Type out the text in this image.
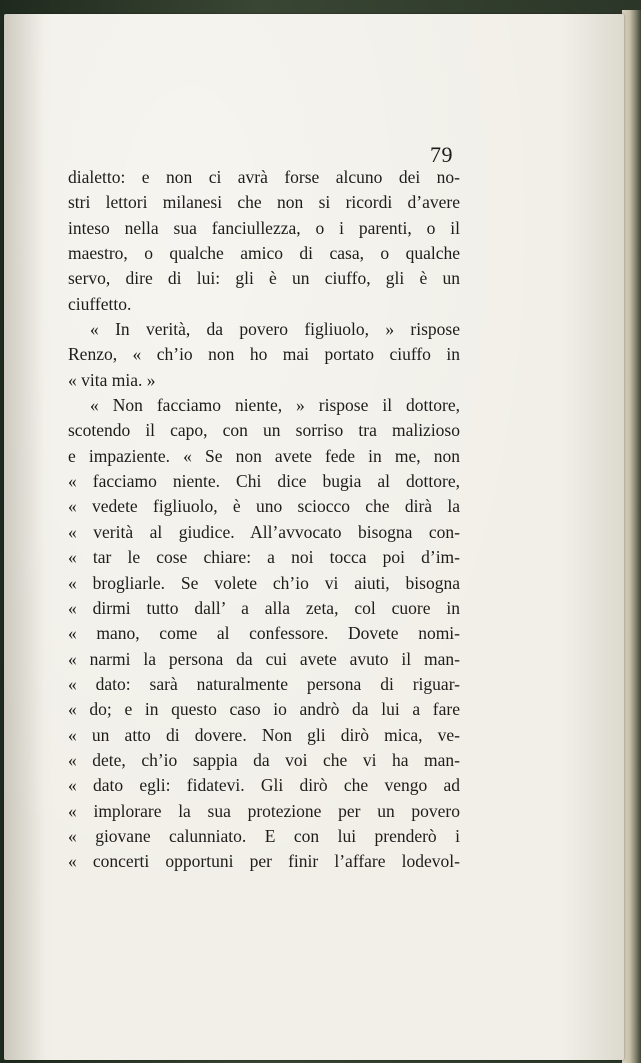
79
dialetto: e non ci avrà forse alcuno dei no-
stri lettori milanesi che non si ricordi d’avere
inteso nella sua fanciullezza, o i parenti, o il
maestro, o qualche amico di casa, o qualche
servo, dire di lui: gli è un ciuffo, gli è un
ciuffetto.
« In verità, da povero figliuolo, » rispose
Renzo, « ch’io non ho mai portato ciuffo in
« vita mia. »
« Non facciamo niente, » rispose il dottore,
scotendo il capo, con un sorriso tra malizioso
e impaziente. « Se non avete fede in me, non
« facciamo niente. Chi dice bugia al dottore,
« vedete figliuolo, è uno sciocco che dirà la
« verità al giudice. All’avvocato bisogna con-
« tar le cose chiare: a noi tocca poi d’im-
« brogliarle. Se volete ch’io vi aiuti, bisogna
« dirmi tutto dall’ a alla zeta, col cuore in
« mano, come al confessore. Dovete nomi-
« narmi la persona da cui avete avuto il man-
« dato: sarà naturalmente persona di riguar-
« do; e in questo caso io andrò da lui a fare
« un atto di dovere. Non gli dirò mica, ve-
« dete, ch’io sappia da voi che vi ha man-
« dato egli: fidatevi. Gli dirò che vengo ad
« implorare la sua protezione per un povero
« giovane calunniato. E con lui prenderò i
« concerti opportuni per finir l’affare lodevol-
